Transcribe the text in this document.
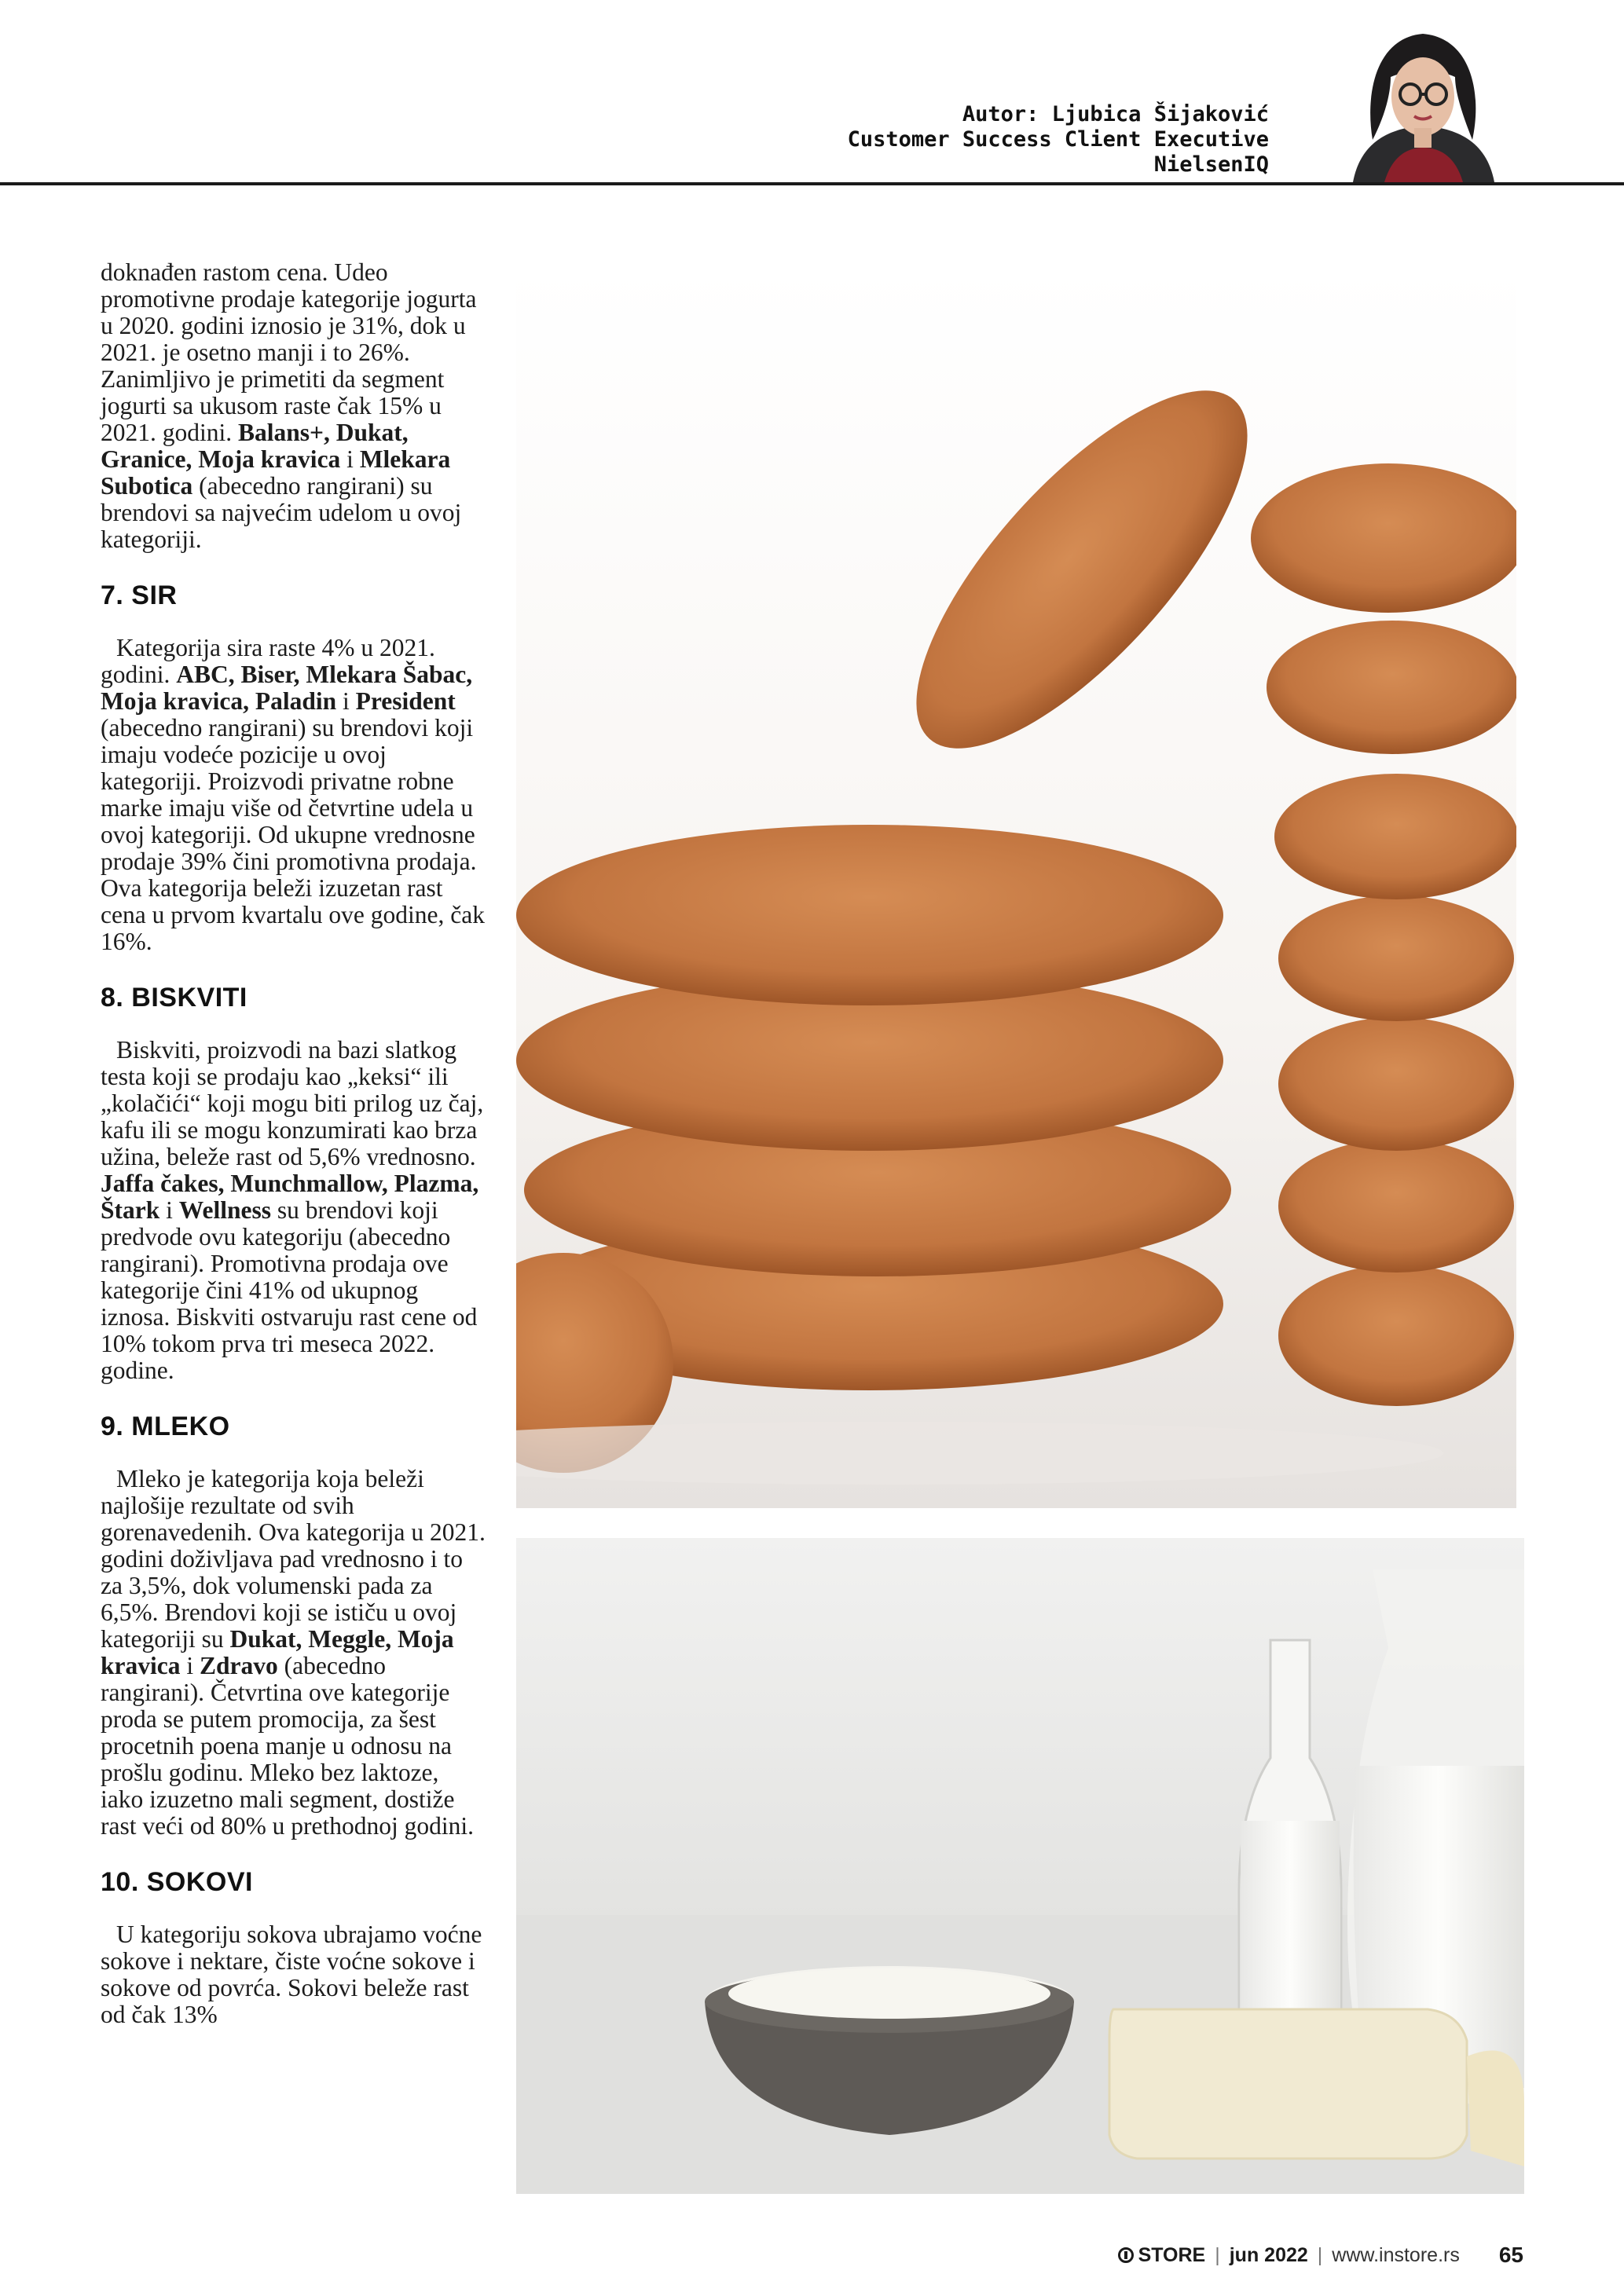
Autor: Ljubica Šijaković
Customer Success Client Executive
NielsenIQ

doknađen rastom cena. Udeo promotivne prodaje kategorije jogurta u 2020. godini iznosio je 31%, dok u 2021. je osetno manji i to 26%. Zanimljivo je primetiti da segment jogurti sa ukusom raste čak 15% u 2021. godini. Balans+, Dukat, Granice, Moja kravica i Mlekara Subotica (abecedno rangirani) su brendovi sa najvećim udelom u ovoj kategoriji.

7. SIR

Kategorija sira raste 4% u 2021. godini. ABC, Biser, Mlekara Šabac, Moja kravica, Paladin i President (abecedno rangirani) su brendovi koji imaju vodeće pozicije u ovoj kategoriji. Proizvodi privatne robne marke imaju više od četvrtine udela u ovoj kategoriji. Od ukupne vrednosne prodaje 39% čini promotivna prodaja. Ova kategorija beleži izuzetan rast cena u prvom kvartalu ove godine, čak 16%.

8. BISKVITI

Biskviti, proizvodi na bazi slatkog testa koji se prodaju kao „keksi“ ili „kolačići“ koji mogu biti prilog uz čaj, kafu ili se mogu konzumirati kao brza užina, beleže rast od 5,6% vrednosno. Jaffa čakes, Munchmallow, Plazma, Štark i Wellness su brendovi koji predvode ovu kategoriju (abecedno rangirani). Promotivna prodaja ove kategorije čini 41% od ukupnog iznosa. Biskviti ostvaruju rast cene od 10% tokom prva tri meseca 2022. godine.

9. MLEKO

Mleko je kategorija koja beleži najlošije rezultate od svih gorenavedenih. Ova kategorija u 2021. godini doživljava pad vrednosno i to za 3,5%, dok volumenski pada za 6,5%. Brendovi koji se ističu u ovoj kategoriji su Dukat, Meggle, Moja kravica i Zdravo (abecedno rangirani). Četvrtina ove kategorije proda se putem promocija, za šest procetnih poena manje u odnosu na prošlu godinu. Mleko bez laktoze, iako izuzetno mali segment, dostiže rast veći od 80% u prethodnoj godini.

10. SOKOVI

U kategoriju sokova ubrajamo voćne sokove i nektare, čiste voćne sokove i sokove od povrća. Sokovi beleže rast od čak 13%

STORE | jun 2022 | www.instore.rs 65
